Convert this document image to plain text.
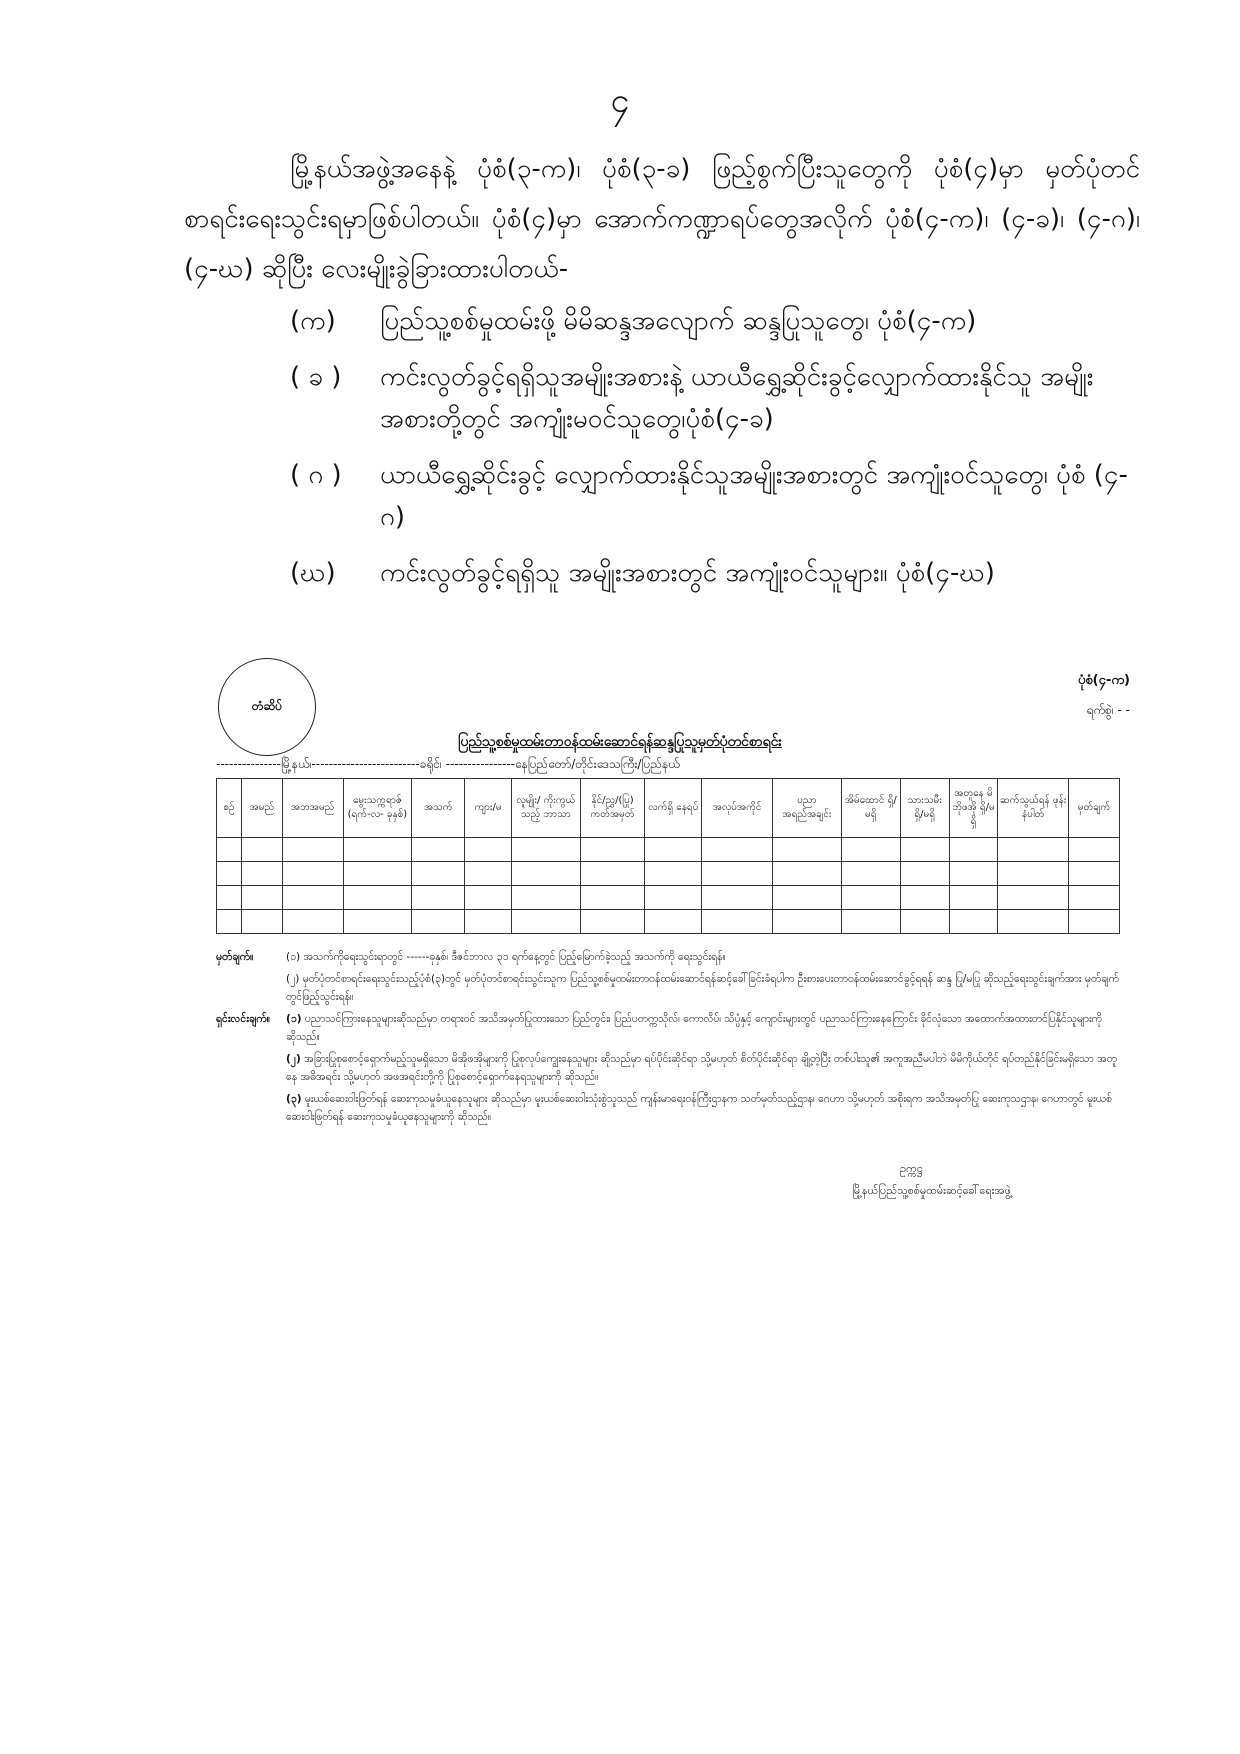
၄

မြို့နယ်အဖွဲ့အနေနဲ့ ပုံစံ(၃-က)၊ ပုံစံ(၃-ခ) ဖြည့်စွက်ပြီးသူတွေကို ပုံစံ(၄)မှာ မှတ်ပုံတင် စာရင်းရေးသွင်းရမှာဖြစ်ပါတယ်။ ပုံစံ(၄)မှာ အောက်ကဏ္ဍာရပ်တွေအလိုက် ပုံစံ(၄-က)၊ (၄-ခ)၊ (၄-ဂ)၊ (၄-ဃ) ဆိုပြီး လေးမျိုးခွဲခြားထားပါတယ်-

(က) ပြည်သူ့စစ်မှုထမ်းဖို့ မိမိဆန္ဒအလျောက် ဆန္ဒပြုသူတွေ၊ ပုံစံ(၄-က)
( ခ ) ကင်းလွတ်ခွင့်ရရှိသူအမျိုးအစားနဲ့ ယာယီရွှေ့ဆိုင်းခွင့်လျှောက်ထားနိုင်သူ အမျိုးအစားတို့တွင် အကျုံးမဝင်သူတွေ၊ပုံစံ(၄-ခ)
( ဂ ) ယာယီရွှေ့ဆိုင်းခွင့် လျှောက်ထားနိုင်သူအမျိုးအစားတွင် အကျုံးဝင်သူတွေ၊ ပုံစံ (၄-ဂ)
(ဃ) ကင်းလွတ်ခွင့်ရရှိသူ အမျိုးအစားတွင် အကျုံးဝင်သူများ။ ပုံစံ(၄-ဃ)
တံဆိပ်
ပုံစံ(၄-က)
ရက်စွဲ၊ - -
ပြည်သူ့စစ်မှုထမ်းတာဝန်ထမ်းဆောင်ရန်ဆန္ဒပြုသူမှတ်ပုံတင်စာရင်း
---------------မြို့နယ်၊-------------------------ခရိုင်၊ ----------------နေပြည်တော်/တိုင်းဒေသကြီး/ပြည်နယ်
စဉ်	အမည်	အဘအမည်	မွေးသက္ကရာဇ် (ရက်-လ- ခုနှစ်)	အသက်	ကျား/မ	လူမျိုး/ ကိုးကွယ်သည့် ဘာသာ	နိုင်/ညွှ/(ပြု) ကတ်အမှတ်	လက်ရှိ နေရပ်	အလုပ်အကိုင်	ပညာ အရည်အချင်း	အိမ်ထောင် ရှိ/မရှိ	သားသမီး ရှိ/မရှိ	အတူနေ မိဘိုဖအို ရှိ/မရှိ	ဆက်သွယ်ရန် ဖုန်းနံပါတ်	မှတ်ချက်

မှတ်ချက်။	(၁) အသက်ကိုရေးသွင်းရာတွင် ------ခုနှစ်၊ ဒီဇင်ဘာလ ၃၁ ရက်နေ့တွင် ပြည့်မြောက်ခဲ့သည့် အသက်ကို ရေးသွင်းရန်။
(၂) မှတ်ပုံတင်စာရင်းရေးသွင်းသည့်ပုံစံ(၃)တွင် မှတ်ပုံတင်စာရင်းသွင်းသူက ပြည်သူ့စစ်မှုထမ်းတာဝန်ထမ်းဆောင်ရန်ဆင့်ခေါ်ခြင်းခံရပါက ဦးစားပေးတာဝန်ထမ်းဆောင်ခွင့်ရရန် ဆန္ဒ ပြု/မပြု ဆိုသည့်ရေးသွင်းချက်အား မှတ်ချက်တွင်ဖြည့်သွင်းရန်။
ရှင်းလင်းချက်။ (၁) ပညာသင်ကြားနေသူများဆိုသည်မှာ တရားဝင် အသိအမှတ်ပြုထားသော ပြည်တွင်း၊ ပြည်ပတက္ကသိုလ်၊ ကောလိပ်၊ သိပ္ပံနှင့် ကျောင်းများတွင် ပညာသင်ကြားနေကြောင်း ခိုင်လုံသော အထောက်အထားတင်ပြနိုင်သူများကို ဆိုသည်။
(၂) အခြားပြုစုစောင့်ရှောက်မည့်သူမရှိသော မိအိုဖအိုများကို ပြုစုလုပ်ကျွေးနေသူများ ဆိုသည်မှာ ရပ်ပိုင်းဆိုင်ရာ သို့မဟုတ် စိတ်ပိုင်းဆိုင်ရာ ချို့တဲ့ပြီး တစ်ပါးသူ၏ အကူအညီမပါဘဲ မိမိကိုယ်တိုင် ရပ်တည်နိုင်ခြင်းမရှိသော အတူနေ အဓိအရင်း သို့မဟုတ် အဖအရင်းတို့ကို ပြုစုစောင့်ရှောက်နေရသူများကို ဆိုသည်။
(၃) မူးယစ်ဆေးဝါးဖြတ်ရန် ဆေးကုသမှုခံယူနေသူများ ဆိုသည်မှာ မူးယစ်ဆေးဝါးသုံးစွဲသူသည် ကျန်းမာရေးဝန်ကြီးဌာနက သတ်မှတ်သည့်ဌာန၊ ဂေဟာ သို့မဟုတ် အစိုးရက အသိအမှတ်ပြု ဆေးကုသဌာန၊ ဂေဟာတွင် မူးယစ်ဆေးဝါးဖြတ်ရန် ဆေးကုသမှုခံယူနေသူများကို ဆိုသည်။
ဥက္ကဋ္ဌ
မြို့နယ်ပြည်သူ့စစ်မှုထမ်းဆင့်ခေါ်ရေးအဖွဲ့
